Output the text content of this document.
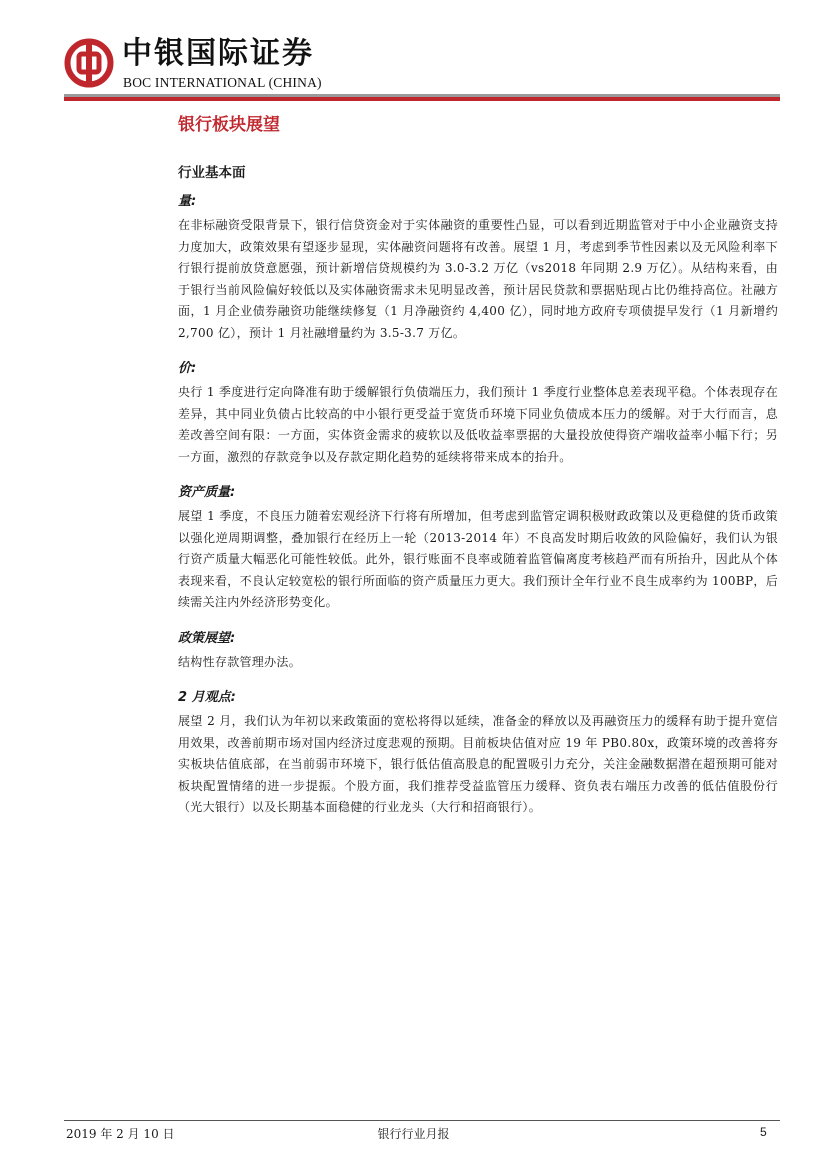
中银国际证券
BOC INTERNATIONAL (CHINA)
银行板块展望
行业基本面
量:

在非标融资受限背景下，银行信贷资金对于实体融资的重要性凸显，可以看到近期监管对于中小企业融资支持力度加大，政策效果有望逐步显现，实体融资问题将有改善。展望 1 月，考虑到季节性因素以及无风险利率下行银行提前放贷意愿强，预计新增信贷规模约为 3.0-3.2 万亿（vs2018 年同期 2.9 万亿）。从结构来看，由于银行当前风险偏好较低以及实体融资需求未见明显改善，预计居民贷款和票据贴现占比仍维持高位。社融方面，1 月企业债券融资功能继续修复（1 月净融资约 4,400 亿），同时地方政府专项债提早发行（1 月新增约 2,700 亿），预计 1 月社融增量约为 3.5-3.7 万亿。

价:

央行 1 季度进行定向降准有助于缓解银行负债端压力，我们预计 1 季度行业整体息差表现平稳。个体表现存在差异，其中同业负债占比较高的中小银行更受益于宽货币环境下同业负债成本压力的缓解。对于大行而言，息差改善空间有限：一方面，实体资金需求的疲软以及低收益率票据的大量投放使得资产端收益率小幅下行；另一方面，激烈的存款竞争以及存款定期化趋势的延续将带来成本的抬升。

资产质量:

展望 1 季度，不良压力随着宏观经济下行将有所增加，但考虑到监管定调积极财政政策以及更稳健的货币政策以强化逆周期调整，叠加银行在经历上一轮（2013-2014 年）不良高发时期后收敛的风险偏好，我们认为银行资产质量大幅恶化可能性较低。此外，银行账面不良率或随着监管偏离度考核趋严而有所抬升，因此从个体表现来看，不良认定较宽松的银行所面临的资产质量压力更大。我们预计全年行业不良生成率约为 100BP，后续需关注内外经济形势变化。

政策展望:

结构性存款管理办法。

2 月观点:

展望 2 月，我们认为年初以来政策面的宽松将得以延续，准备金的释放以及再融资压力的缓释有助于提升宽信用效果，改善前期市场对国内经济过度悲观的预期。目前板块估值对应 19 年 PB0.80x，政策环境的改善将夯实板块估值底部，在当前弱市环境下，银行低估值高股息的配置吸引力充分，关注金融数据潜在超预期可能对板块配置情绪的进一步提振。个股方面，我们推荐受益监管压力缓释、资负表右端压力改善的低估值股份行（光大银行）以及长期基本面稳健的行业龙头（大行和招商银行）。

2019 年 2 月 10 日	银行行业月报	5
